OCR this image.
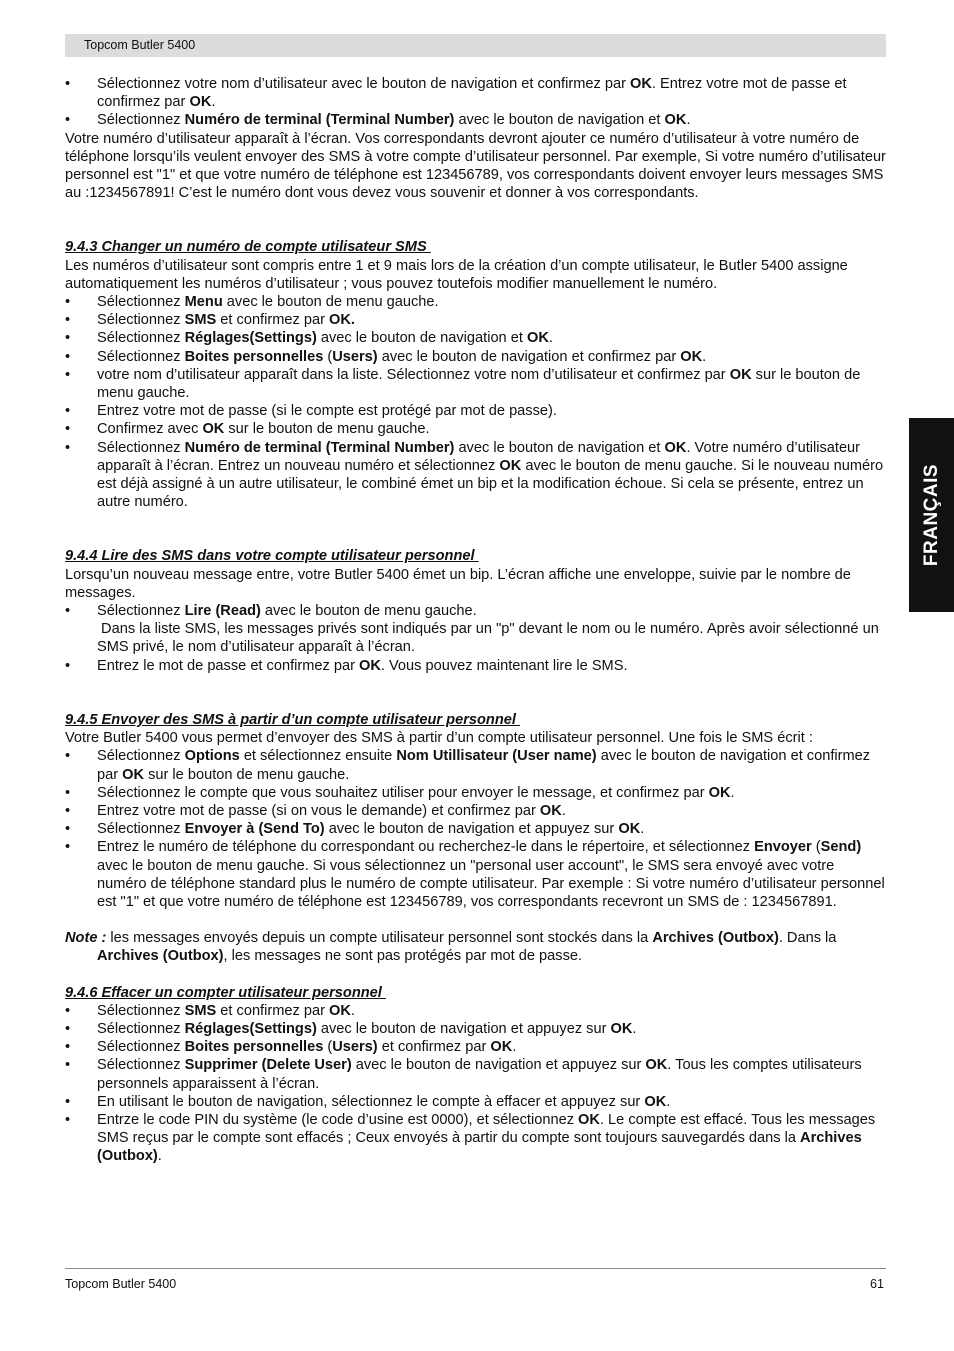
Topcom Butler 5400
FRANÇAIS
•	Sélectionnez votre nom d’utilisateur avec le bouton de navigation et confirmez par OK. Entrez votre mot de passe et confirmez par OK.
•	Sélectionnez Numéro de terminal (Terminal Number) avec le bouton de navigation et OK.

Votre numéro d’utilisateur apparaît à l’écran. Vos correspondants devront ajouter ce numéro d’utilisateur à votre numéro de téléphone lorsqu’ils veulent envoyer des SMS à votre compte d’utilisateur personnel. Par exemple, Si votre numéro d’utilisateur personnel est "1" et que votre numéro de téléphone est 123456789, vos correspondants doivent envoyer leurs messages SMS au :1234567891! C’est le numéro dont vous devez vous souvenir et donner à vos correspondants.

9.4.3 Changer un numéro de compte utilisateur SMS

Les numéros d’utilisateur sont compris entre 1 et 9 mais lors de la création d’un compte utilisateur, le Butler 5400 assigne automatiquement les numéros d’utilisateur ; vous pouvez toutefois modifier manuellement le numéro.

•	Sélectionnez Menu avec le bouton de menu gauche.
•	Sélectionnez SMS et confirmez par OK.
•	Sélectionnez Réglages(Settings) avec le bouton de navigation et OK.
•	Sélectionnez Boites personnelles (Users) avec le bouton de navigation et confirmez par OK.
•	votre nom d’utilisateur apparaît dans la liste. Sélectionnez votre nom d’utilisateur et confirmez par OK sur le bouton de menu gauche.
•	Entrez votre mot de passe (si le compte est protégé par mot de passe).
•	Confirmez avec OK sur le bouton de menu gauche.
•	Sélectionnez Numéro de terminal (Terminal Number) avec le bouton de navigation et OK. Votre numéro d’utilisateur apparaît à l’écran. Entrez un nouveau numéro et sélectionnez OK avec le bouton de menu gauche. Si le nouveau numéro est déjà assigné à un autre utilisateur, le combiné émet un bip et la modification échoue. Si cela se présente, entrez un autre numéro.

9.4.4 Lire des SMS dans votre compte utilisateur personnel

Lorsqu’un nouveau message entre, votre Butler 5400 émet un bip. L’écran affiche une enveloppe, suivie par le nombre de messages.

•	Sélectionnez Lire (Read) avec le bouton de menu gauche.

Dans la liste SMS, les messages privés sont indiqués par un "p" devant le nom ou le numéro. Après avoir sélectionné un SMS privé, le nom d’utilisateur apparaît à l’écran.

•	Entrez le mot de passe et confirmez par OK. Vous pouvez maintenant lire le SMS.

9.4.5 Envoyer des SMS à partir d’un compte utilisateur personnel

Votre Butler 5400 vous permet d’envoyer des SMS à partir d’un compte utilisateur personnel. Une fois le SMS écrit :

•	Sélectionnez Options et sélectionnez ensuite Nom Utillisateur (User name) avec le bouton de navigation et confirmez par OK sur le bouton de menu gauche.
•	Sélectionnez le compte que vous souhaitez utiliser pour envoyer le message, et confirmez par OK.
•	Entrez votre mot de passe (si on vous le demande) et confirmez par OK.
•	Sélectionnez Envoyer à (Send To) avec le bouton de navigation et appuyez sur OK.
•	Entrez le numéro de téléphone du correspondant ou recherchez-le dans le répertoire, et sélectionnez Envoyer (Send) avec le bouton de menu gauche. Si vous sélectionnez un "personal user account", le SMS sera envoyé avec votre numéro de téléphone standard plus le numéro de compte utilisateur. Par exemple : Si votre numéro d’utilisateur personnel est "1" et que votre numéro de téléphone est 123456789, vos correspondants recevront un SMS de : 1234567891.

Note : les messages envoyés depuis un compte utilisateur personnel sont stockés dans la Archives (Outbox). Dans la Archives (Outbox), les messages ne sont pas protégés par mot de passe.

9.4.6 Effacer un compter utilisateur personnel

•	Sélectionnez SMS et confirmez par OK.
•	Sélectionnez Réglages(Settings) avec le bouton de navigation et appuyez sur OK.
•	Sélectionnez Boites personnelles (Users) et confirmez par OK.
•	Sélectionnez Supprimer (Delete User) avec le bouton de navigation et appuyez sur OK. Tous les comptes utilisateurs personnels apparaissent à l’écran.
•	En utilisant le bouton de navigation, sélectionnez le compte à effacer et appuyez sur OK.
•	Entrze le code PIN du système (le code d’usine est 0000), et sélectionnez OK. Le compte est effacé. Tous les messages SMS reçus par le compte sont effacés ; Ceux envoyés à partir du compte sont toujours sauvegardés dans la Archives (Outbox).
Topcom Butler 5400	61
